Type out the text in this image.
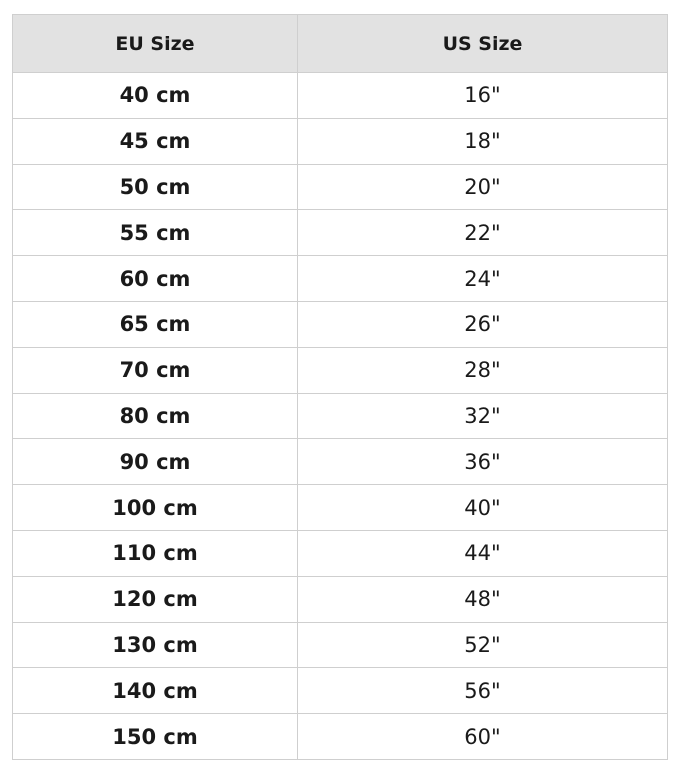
EU Size	US Size
40 cm	16"
45 cm	18"
50 cm	20"
55 cm	22"
60 cm	24"
65 cm	26"
70 cm	28"
80 cm	32"
90 cm	36"
100 cm	40"
110 cm	44"
120 cm	48"
130 cm	52"
140 cm	56"
150 cm	60"
